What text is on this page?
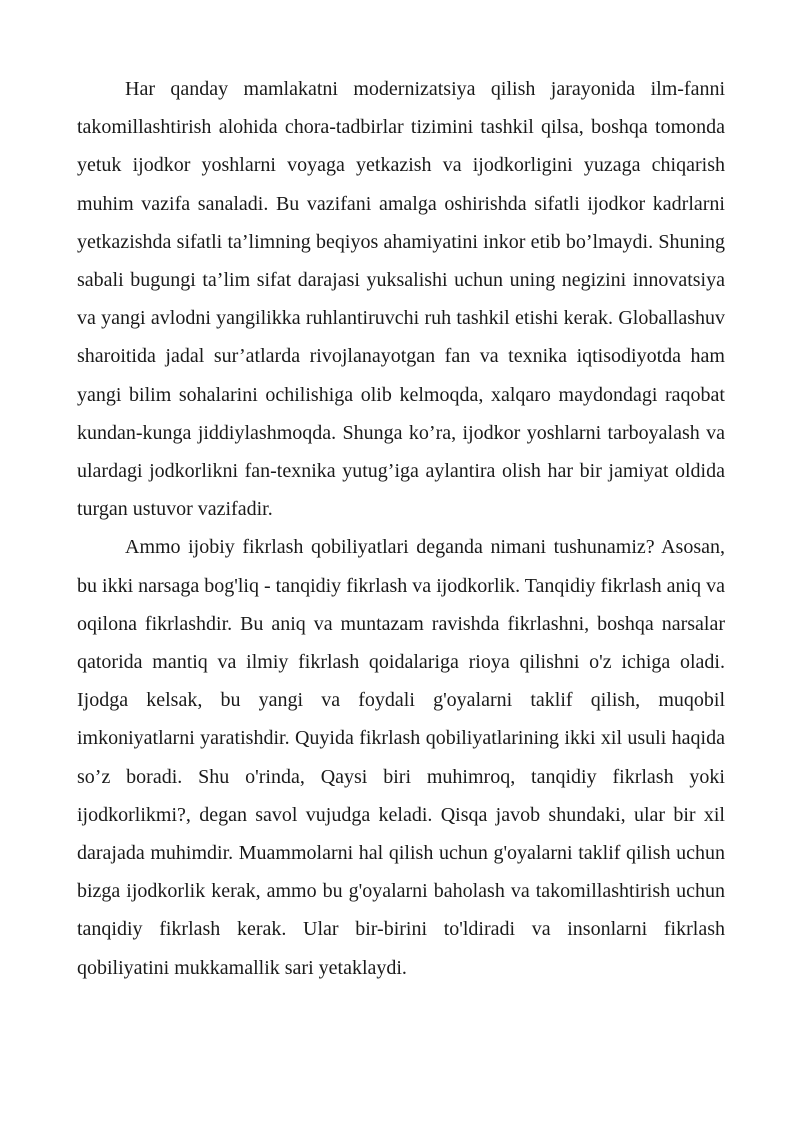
Har qanday mamlakatni modernizatsiya qilish jarayonida ilm-fanni takomillashtirish alohida chora-tadbirlar tizimini tashkil qilsa, boshqa tomonda yetuk ijodkor yoshlarni voyaga yetkazish va ijodkorligini yuzaga chiqarish muhim vazifa sanaladi. Bu vazifani amalga oshirishda sifatli ijodkor kadrlarni yetkazishda sifatli ta’limning beqiyos ahamiyatini inkor etib bo’lmaydi. Shuning sabali bugungi ta’lim sifat darajasi yuksalishi uchun uning negizini innovatsiya va yangi avlodni yangilikka ruhlantiruvchi ruh tashkil etishi kerak. Globallashuv sharoitida jadal sur’atlarda rivojlanayotgan fan va texnika iqtisodiyotda ham yangi bilim sohalarini ochilishiga olib kelmoqda, xalqaro maydondagi raqobat kundan-kunga jiddiylashmoqda. Shunga ko’ra, ijodkor yoshlarni tarboyalash va ulardagi jodkorlikni fan-texnika yutug’iga aylantira olish har bir jamiyat oldida turgan ustuvor vazifadir.

Ammo ijobiy fikrlash qobiliyatlari deganda nimani tushunamiz? Asosan, bu ikki narsaga bog'liq - tanqidiy fikrlash va ijodkorlik. Tanqidiy fikrlash aniq va oqilona fikrlashdir. Bu aniq va muntazam ravishda fikrlashni, boshqa narsalar qatorida mantiq va ilmiy fikrlash qoidalariga rioya qilishni o'z ichiga oladi. Ijodga kelsak, bu yangi va foydali g'oyalarni taklif qilish, muqobil imkoniyatlarni yaratishdir. Quyida fikrlash qobiliyatlarining ikki xil usuli haqida so’z boradi. Shu o'rinda, Qaysi biri muhimroq, tanqidiy fikrlash yoki ijodkorlikmi?, degan savol vujudga keladi. Qisqa javob shundaki, ular bir xil darajada muhimdir. Muammolarni hal qilish uchun g'oyalarni taklif qilish uchun bizga ijodkorlik kerak, ammo bu g'oyalarni baholash va takomillashtirish uchun tanqidiy fikrlash kerak. Ular bir-birini to'ldiradi va insonlarni fikrlash qobiliyatini mukkamallik sari yetaklaydi.
